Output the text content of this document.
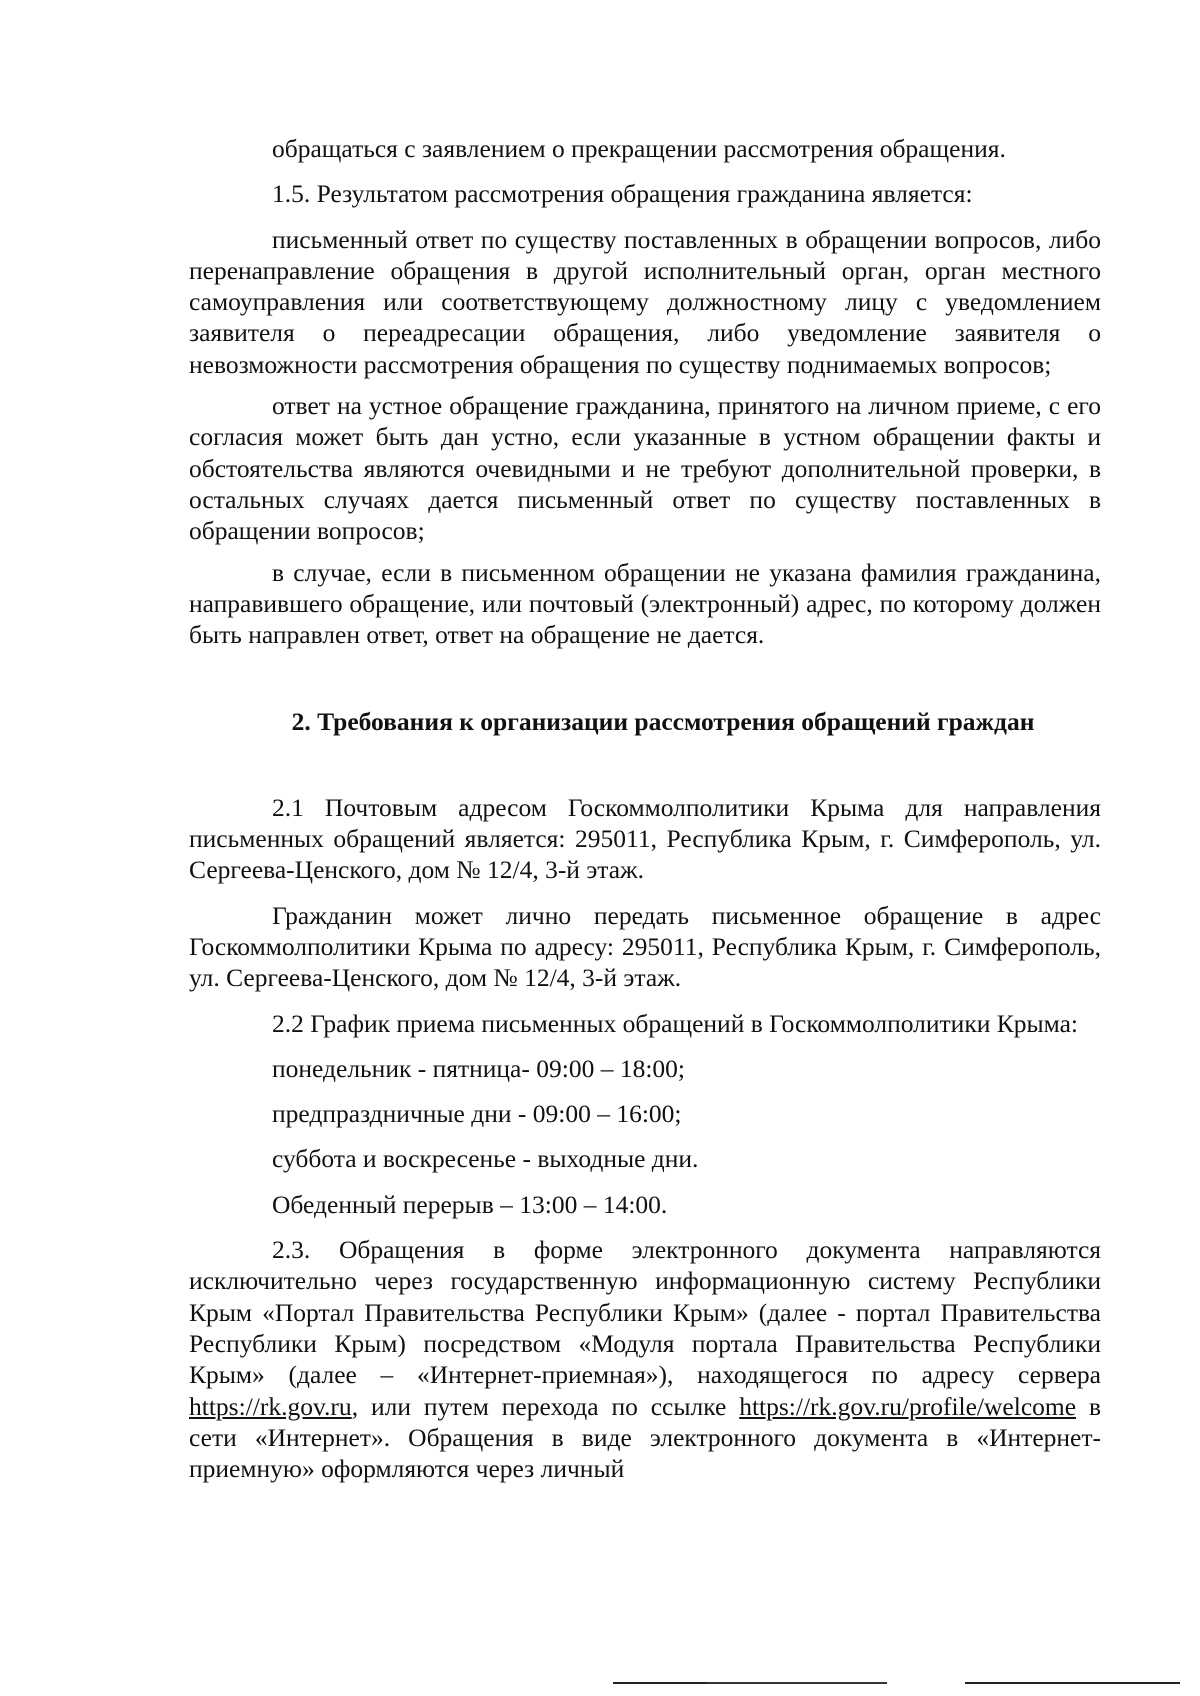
обращаться с заявлением о прекращении рассмотрения обращения.

1.5. Результатом рассмотрения обращения гражданина является:

письменный ответ по существу поставленных в обращении вопросов, либо перенаправление обращения в другой исполнительный орган, орган местного самоуправления или соответствующему должностному лицу с уведомлением заявителя о переадресации обращения, либо уведомление заявителя о невозможности рассмотрения обращения по существу поднимаемых вопросов;

ответ на устное обращение гражданина, принятого на личном приеме, с его согласия может быть дан устно, если указанные в устном обращении факты и обстоятельства являются очевидными и не требуют дополнительной проверки, в остальных случаях дается письменный ответ по существу поставленных в обращении вопросов;

в случае, если в письменном обращении не указана фамилия гражданина, направившего обращение, или почтовый (электронный) адрес, по которому должен быть направлен ответ, ответ на обращение не дается.

2. Требования к организации рассмотрения обращений граждан

2.1 Почтовым адресом Госкоммолполитики Крыма для направления письменных обращений является: 295011, Республика Крым, г. Симферополь, ул. Сергеева-Ценского, дом № 12/4, 3-й этаж.

Гражданин может лично передать письменное обращение в адрес Госкоммолполитики Крыма по адресу: 295011, Республика Крым, г. Симферополь, ул. Сергеева-Ценского, дом № 12/4, 3-й этаж.

2.2 График приема письменных обращений в Госкоммолполитики Крыма:

понедельник - пятница- 09:00 – 18:00;

предпраздничные дни - 09:00 – 16:00;

суббота и воскресенье - выходные дни.

Обеденный перерыв – 13:00 – 14:00.

2.3. Обращения в форме электронного документа направляются исключительно через государственную информационную систему Республики Крым «Портал Правительства Республики Крым» (далее - портал Правительства Республики Крым) посредством «Модуля портала Правительства Республики Крым» (далее – «Интернет-приемная»), находящегося по адресу сервера https://rk.gov.ru, или путем перехода по ссылке https://rk.gov.ru/profile/welcome в сети «Интернет». Обращения в виде электронного документа в «Интернет-приемную» оформляются через личный
